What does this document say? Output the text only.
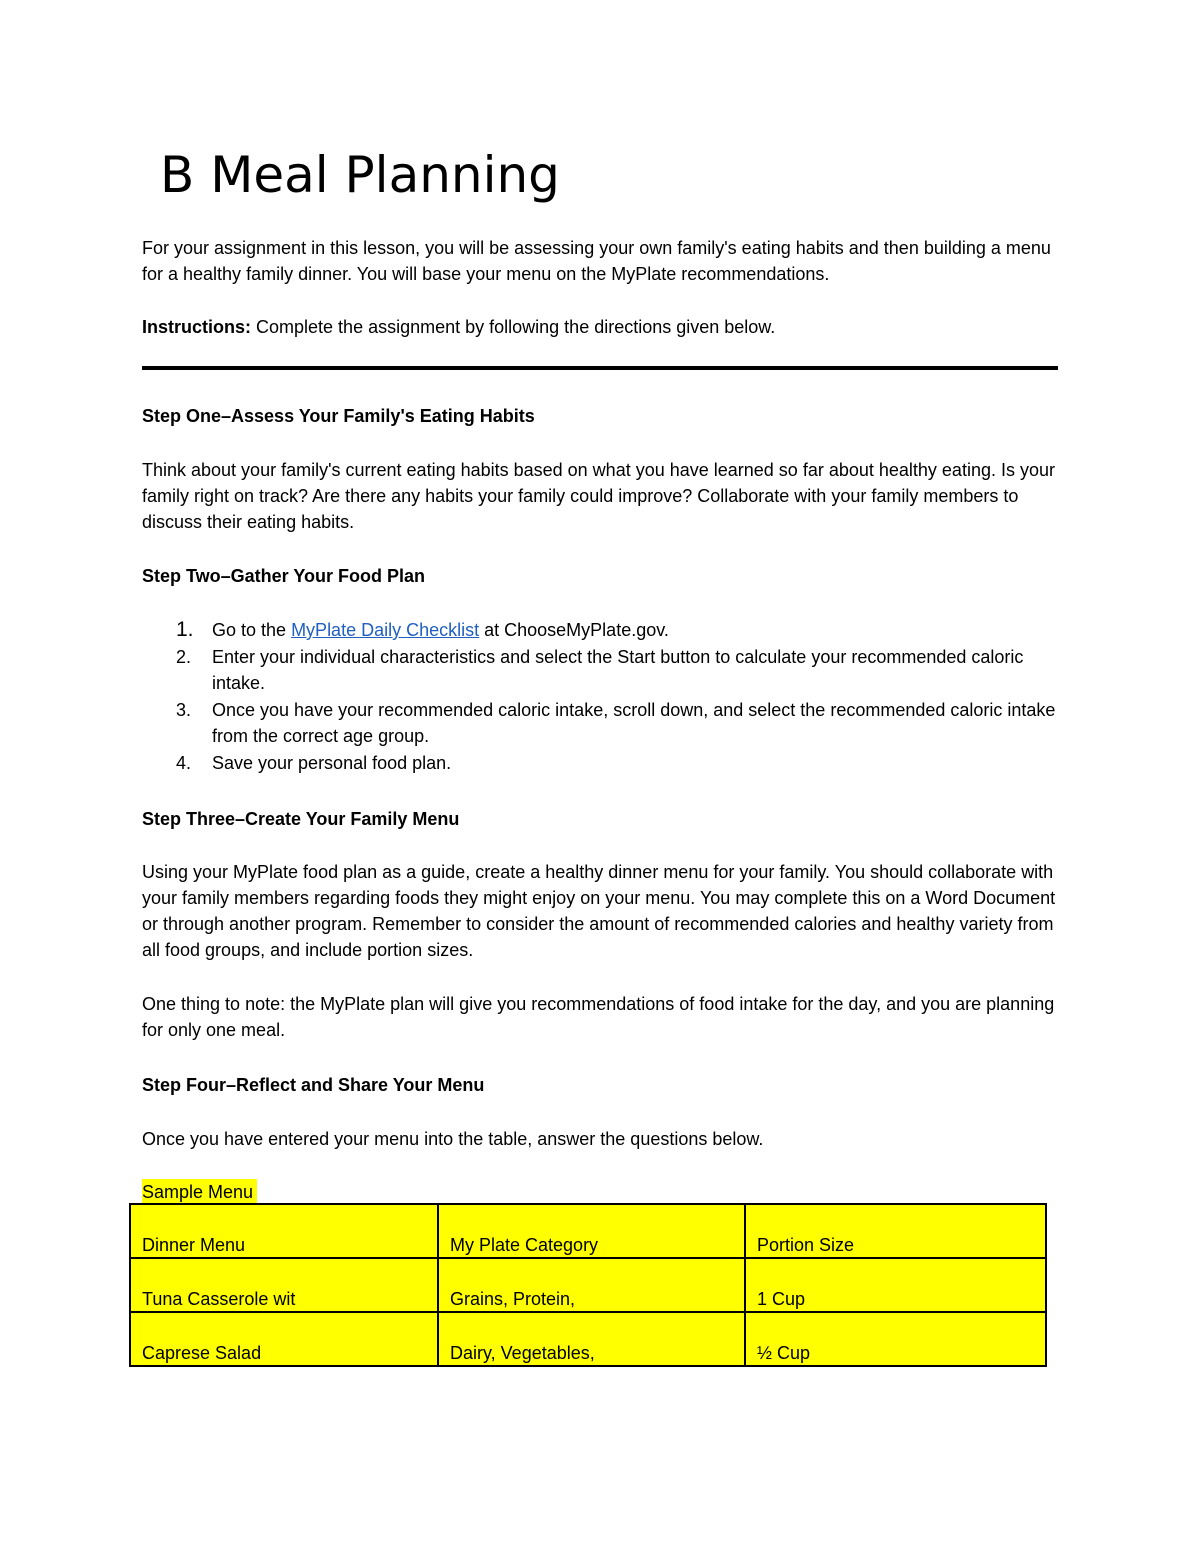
B Meal Planning

For your assignment in this lesson, you will be assessing your own family's eating habits and then building a menu for a healthy family dinner. You will base your menu on the MyPlate recommendations.

Instructions: Complete the assignment by following the directions given below.

Step One–Assess Your Family's Eating Habits

Think about your family's current eating habits based on what you have learned so far about healthy eating. Is your family right on track? Are there any habits your family could improve? Collaborate with your family members to discuss their eating habits.

Step Two–Gather Your Food Plan

1. Go to the MyPlate Daily Checklist at ChooseMyPlate.gov.
2. Enter your individual characteristics and select the Start button to calculate your recommended caloric intake.
3. Once you have your recommended caloric intake, scroll down, and select the recommended caloric intake from the correct age group.
4. Save your personal food plan.

Step Three–Create Your Family Menu

Using your MyPlate food plan as a guide, create a healthy dinner menu for your family. You should collaborate with your family members regarding foods they might enjoy on your menu. You may complete this on a Word Document or through another program. Remember to consider the amount of recommended calories and healthy variety from all food groups, and include portion sizes.

One thing to note: the MyPlate plan will give you recommendations of food intake for the day, and you are planning for only one meal.

Step Four–Reflect and Share Your Menu

Once you have entered your menu into the table, answer the questions below.

Sample Menu
Dinner Menu	My Plate Category	Portion Size
Tuna Casserole wit	Grains, Protein,	1 Cup
Caprese Salad	Dairy, Vegetables,	½ Cup
